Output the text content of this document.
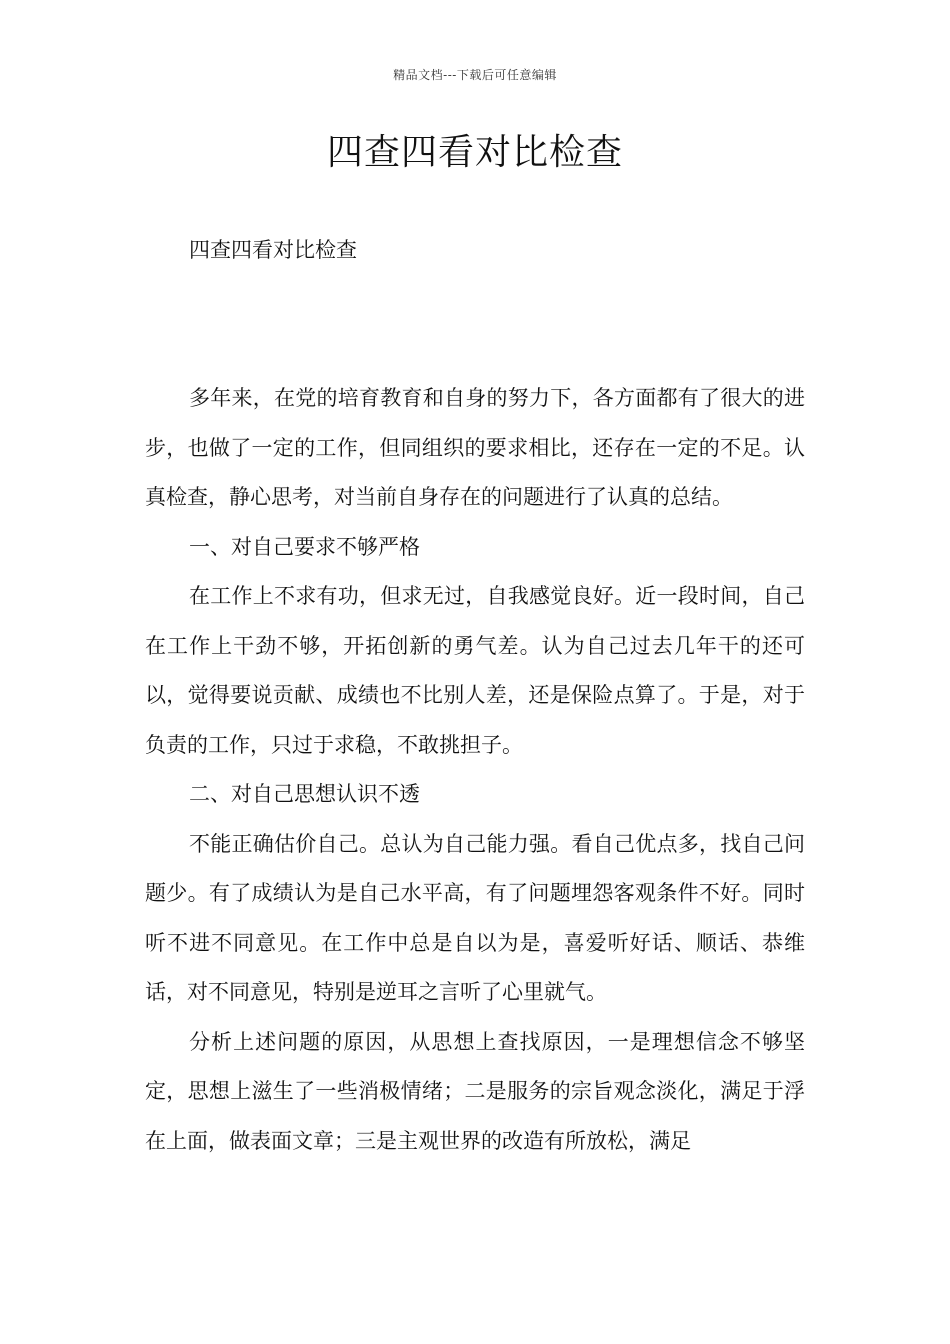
精品文档---下载后可任意编辑
四查四看对比检查

四查四看对比检查

多年来，在党的培育教育和自身的努力下，各方面都有了很大的进步，也做了一定的工作，但同组织的要求相比，还存在一定的不足。认真检查，静心思考，对当前自身存在的问题进行了认真的总结。

一、对自己要求不够严格

在工作上不求有功，但求无过，自我感觉良好。近一段时间，自己在工作上干劲不够，开拓创新的勇气差。认为自己过去几年干的还可以，觉得要说贡献、成绩也不比别人差，还是保险点算了。于是，对于负责的工作，只过于求稳，不敢挑担子。

二、对自己思想认识不透

不能正确估价自己。总认为自己能力强。看自己优点多，找自己问题少。有了成绩认为是自己水平高，有了问题埋怨客观条件不好。同时听不进不同意见。在工作中总是自以为是，喜爱听好话、顺话、恭维话，对不同意见，特别是逆耳之言听了心里就气。

分析上述问题的原因，从思想上查找原因，一是理想信念不够坚定，思想上滋生了一些消极情绪；二是服务的宗旨观念淡化，满足于浮在上面，做表面文章；三是主观世界的改造有所放松，满足
